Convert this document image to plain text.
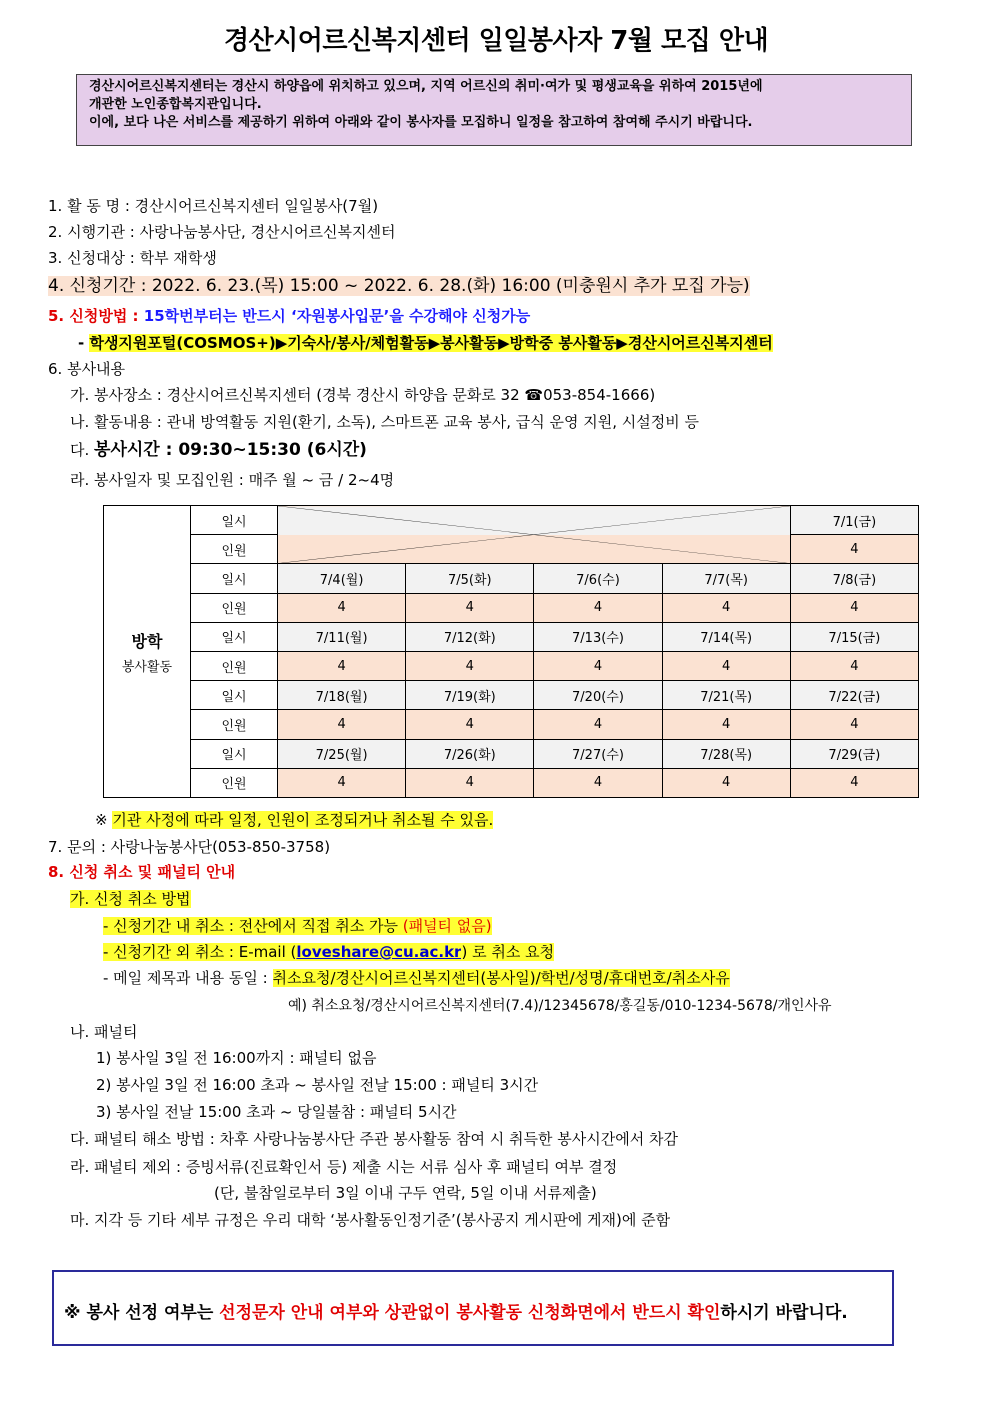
경산시어르신복지센터 일일봉사자 7월 모집 안내
경산시어르신복지센터는 경산시 하양읍에 위치하고 있으며, 지역 어르신의 취미·여가 및 평생교육을 위하여 2015년에
개관한 노인종합복지관입니다.
이에, 보다 나은 서비스를 제공하기 위하여 아래와 같이 봉사자를 모집하니 일정을 참고하여 참여해 주시기 바랍니다.
1. 활 동 명 : 경산시어르신복지센터 일일봉사(7월)
2. 시행기관 : 사랑나눔봉사단, 경산시어르신복지센터
3. 신청대상 : 학부 재학생
4. 신청기간 : 2022. 6. 23.(목) 15:00 ~ 2022. 6. 28.(화) 16:00 (미충원시 추가 모집 가능)
5. 신청방법 : 15학번부터는 반드시 ‘자원봉사입문’을 수강해야 신청가능
- 학생지원포털(COSMOS+)▶기숙사/봉사/체험활동▶봉사활동▶방학중 봉사활동▶경산시어르신복지센터
6. 봉사내용
가. 봉사장소 : 경산시어르신복지센터 (경북 경산시 하양읍 문화로 32 ☎053-854-1666)
나. 활동내용 : 관내 방역활동 지원(환기, 소독), 스마트폰 교육 봉사, 급식 운영 지원, 시설정비 등
다. 봉사시간 : 09:30~15:30 (6시간)
라. 봉사일자 및 모집인원 : 매주 월 ~ 금 / 2~4명
방학
봉사활동	일시					7/1(금)
	인원					4
	일시	7/4(월)	7/5(화)	7/6(수)	7/7(목)	7/8(금)
	인원	4	4	4	4	4
	일시	7/11(월)	7/12(화)	7/13(수)	7/14(목)	7/15(금)
	인원	4	4	4	4	4
	일시	7/18(월)	7/19(화)	7/20(수)	7/21(목)	7/22(금)
	인원	4	4	4	4	4
	일시	7/25(월)	7/26(화)	7/27(수)	7/28(목)	7/29(금)
	인원	4	4	4	4	4
※ 기관 사정에 따라 일정, 인원이 조정되거나 취소될 수 있음.
7. 문의 : 사랑나눔봉사단(053-850-3758)
8. 신청 취소 및 패널티 안내
가. 신청 취소 방법
- 신청기간 내 취소 : 전산에서 직접 취소 가능 (패널티 없음)
- 신청기간 외 취소 : E-mail (loveshare@cu.ac.kr) 로 취소 요청
- 메일 제목과 내용 동일 : 취소요청/경산시어르신복지센터(봉사일)/학번/성명/휴대번호/취소사유
예) 취소요청/경산시어르신복지센터(7.4)/12345678/홍길동/010-1234-5678/개인사유
나. 패널티
1) 봉사일 3일 전 16:00까지 : 패널티 없음
2) 봉사일 3일 전 16:00 초과 ~ 봉사일 전날 15:00 : 패널티 3시간
3) 봉사일 전날 15:00 초과 ~ 당일불참 : 패널티 5시간
다. 패널티 해소 방법 : 차후 사랑나눔봉사단 주관 봉사활동 참여 시 취득한 봉사시간에서 차감
라. 패널티 제외 : 증빙서류(진료확인서 등) 제출 시는 서류 심사 후 패널티 여부 결정
(단, 불참일로부터 3일 이내 구두 연락, 5일 이내 서류제출)
마. 지각 등 기타 세부 규정은 우리 대학 ‘봉사활동인정기준’(봉사공지 게시판에 게재)에 준함
※ 봉사 선정 여부는 선정문자 안내 여부와 상관없이 봉사활동 신청화면에서 반드시 확인하시기 바랍니다.
